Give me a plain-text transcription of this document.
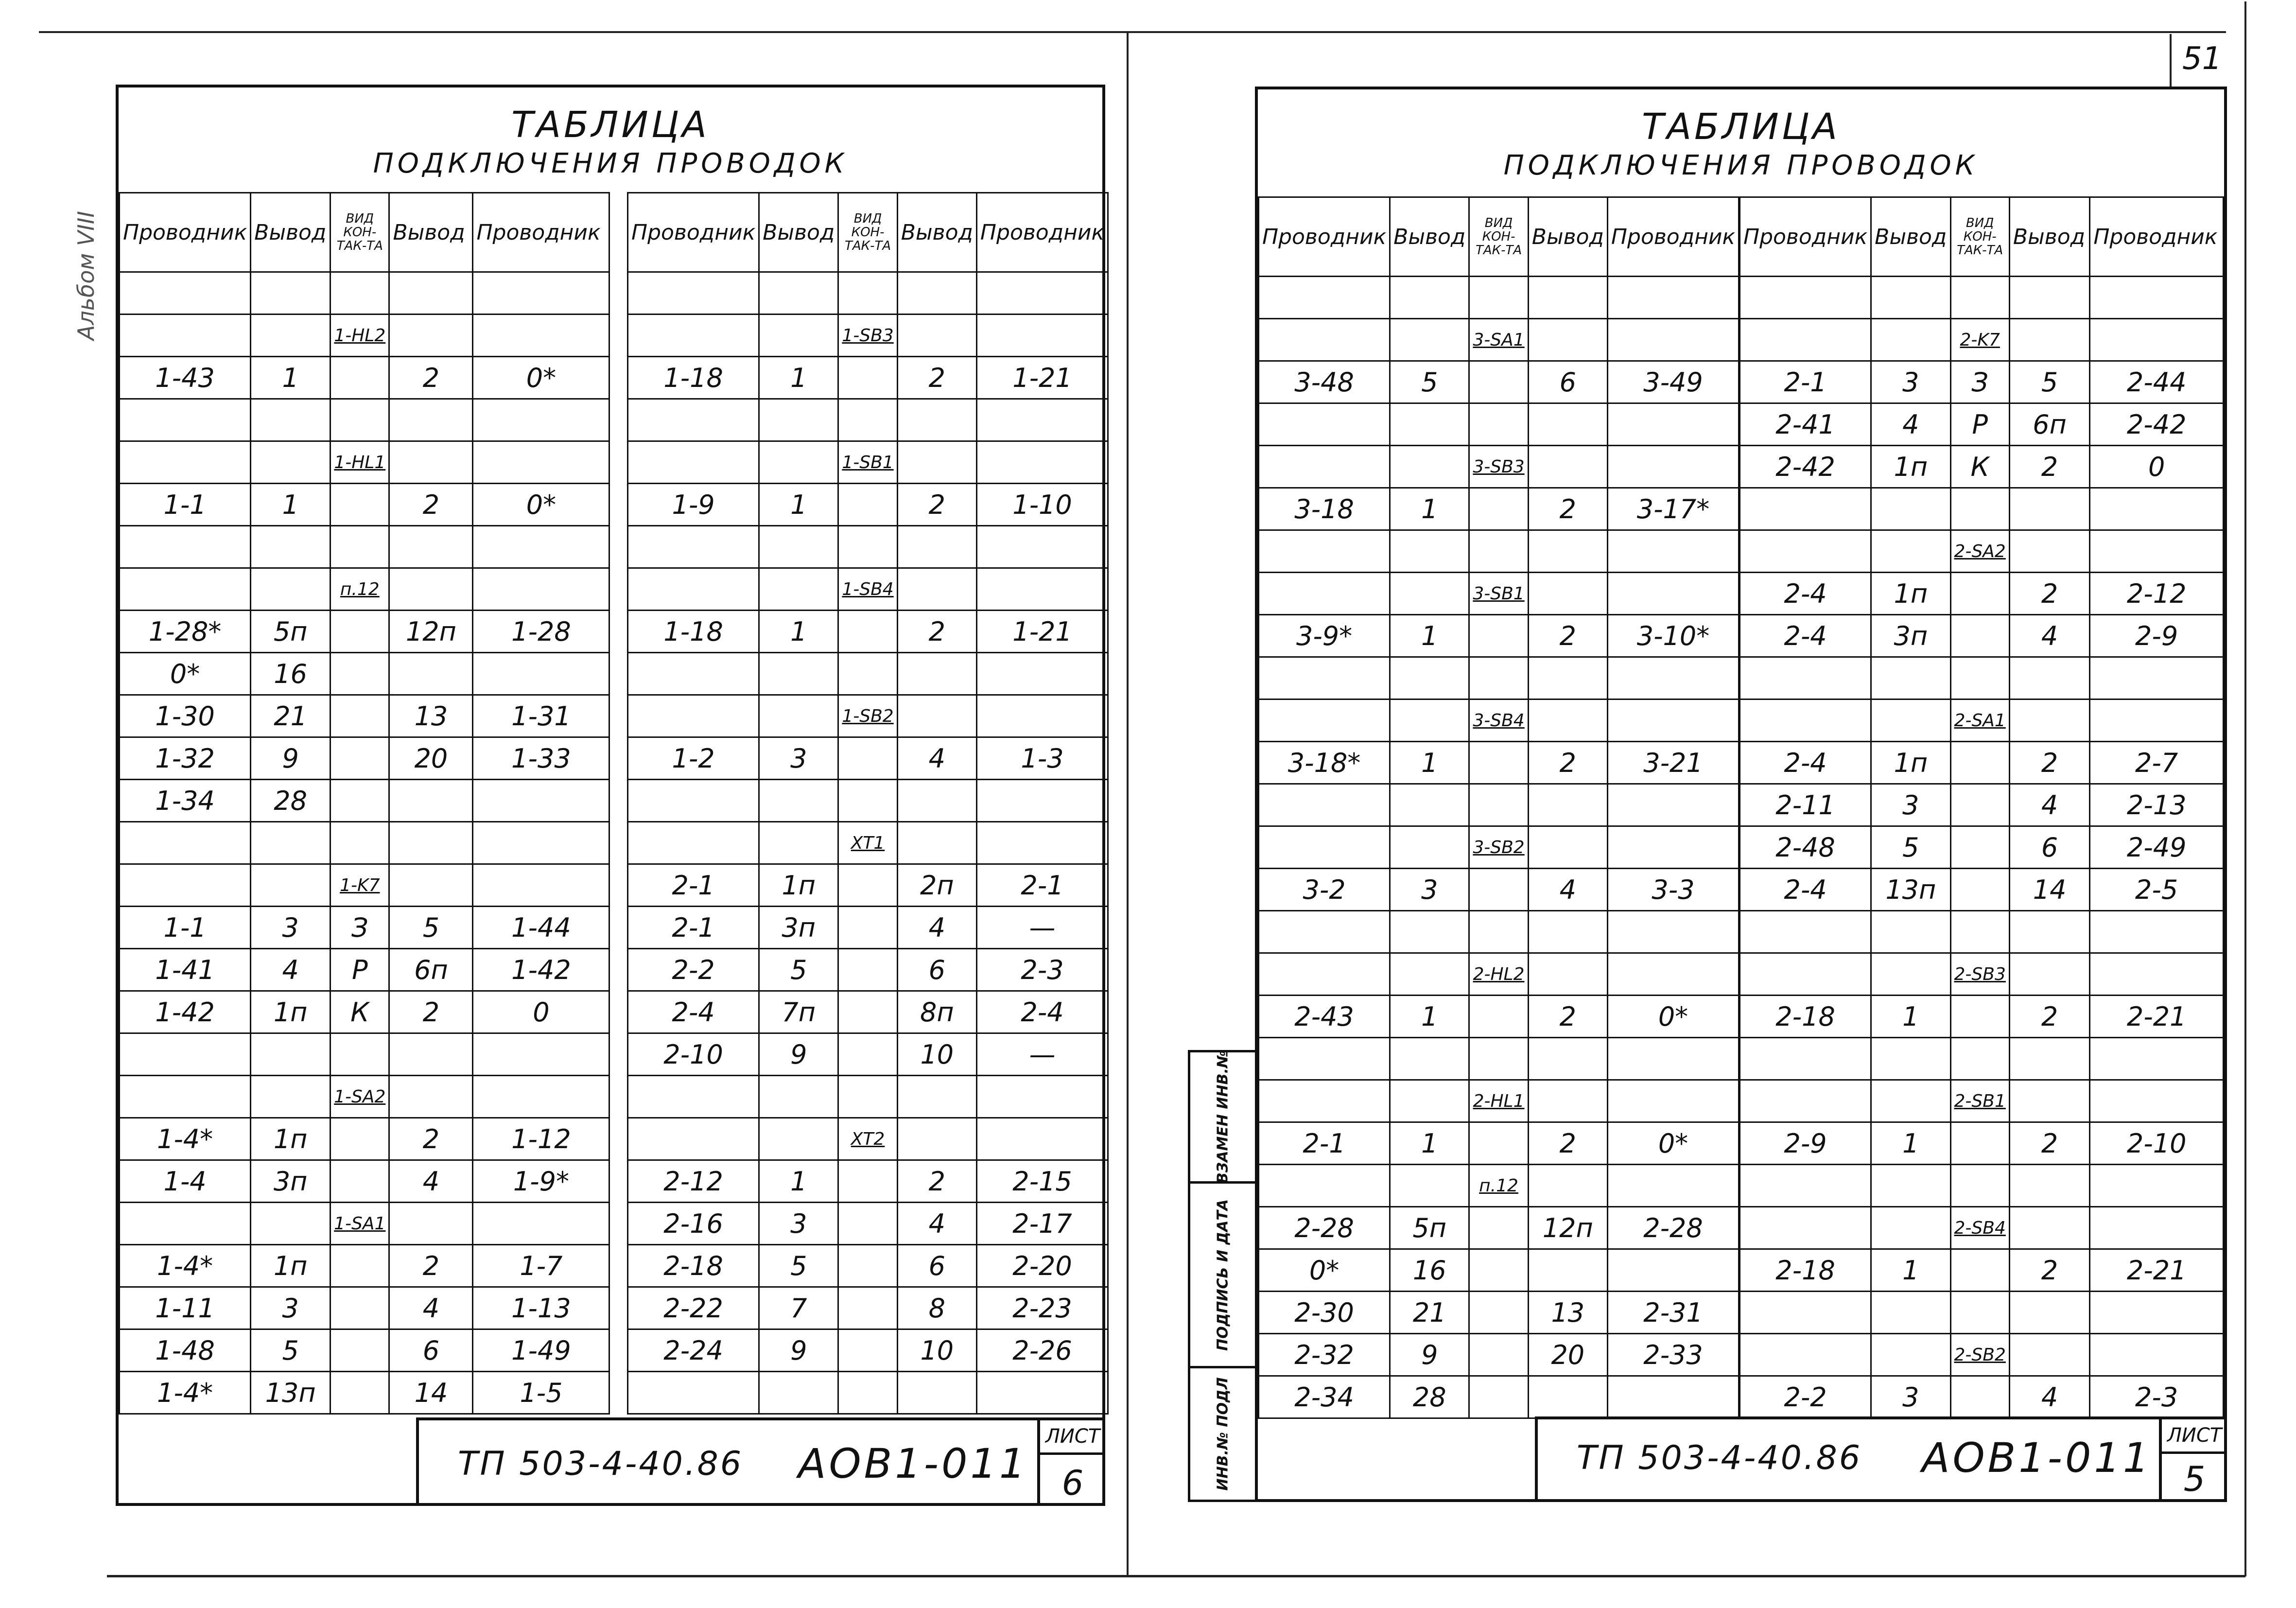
51
Альбом VIII
ТАБЛИЦА
ПОДКЛЮЧЕНИЯ ПРОВОДОК
Проводник	Вывод	ВИД КОН-ТАК-ТА	Вывод	Проводник

		1-HL2		
1-43	1		2	0*

		1-HL1		
1-1	1		2	0*

		п.12		
1-28*	5п		12п	1-28
0*	16			
1-30	21		13	1-31
1-32	9		20	1-33
1-34	28			

		1-K7		
1-1	3	З	5	1-44
1-41	4	Р	6п	1-42
1-42	1п	К	2	0

		1-SA2		
1-4*	1п		2	1-12
1-4	3п		4	1-9*
		1-SA1		
1-4*	1п		2	1-7
1-11	3		4	1-13
1-48	5		6	1-49
1-4*	13п		14	1-5
Проводник	Вывод	ВИД КОН-ТАК-ТА	Вывод	Проводник

		1-SB3		
1-18	1		2	1-21

		1-SB1		
1-9	1		2	1-10

		1-SB4		
1-18	1		2	1-21

		1-SB2		
1-2	3		4	1-3

		XT1		
2-1	1п		2п	2-1
2-1	3п		4	—
2-2	5		6	2-3
2-4	7п		8п	2-4
2-10	9		10	—

		XT2		
2-12	1		2	2-15
2-16	3		4	2-17
2-18	5		6	2-20
2-22	7		8	2-23
2-24	9		10	2-26

ТП 503-4-40.86 АОВ1-011
ЛИСТ
6
ТАБЛИЦА
ПОДКЛЮЧЕНИЯ ПРОВОДОК
Проводник	Вывод	ВИД КОН-ТАК-ТА	Вывод	Проводник

		3-SA1		
3-48	5		6	3-49

		3-SB3		
3-18	1		2	3-17*

		3-SB1		
3-9*	1		2	3-10*

		3-SB4		
3-18*	1		2	3-21

		3-SB2		
3-2	3		4	3-3

		2-HL2		
2-43	1		2	0*

		2-HL1		
2-1	1		2	0*
		п.12		
2-28	5п		12п	2-28
0*	16			
2-30	21		13	2-31
2-32	9		20	2-33
2-34	28			
Проводник	Вывод	ВИД КОН-ТАК-ТА	Вывод	Проводник

		2-K7		
2-1	3	З	5	2-44
2-41	4	Р	6п	2-42
2-42	1п	К	2	0

		2-SA2		
2-4	1п		2	2-12
2-4	3п		4	2-9

		2-SA1		
2-4	1п		2	2-7
2-11	3		4	2-13
2-48	5		6	2-49
2-4	13п		14	2-5

		2-SB3		
2-18	1		2	2-21

		2-SB1		
2-9	1		2	2-10

		2-SB4		
2-18	1		2	2-21

		2-SB2		
2-2	3		4	2-3
ТП 503-4-40.86 АОВ1-011 ЛИСТ
5
ВЗАМЕН ИНВ.№
ПОДПИСЬ И ДАТА
ИНВ.№ ПОДЛ
